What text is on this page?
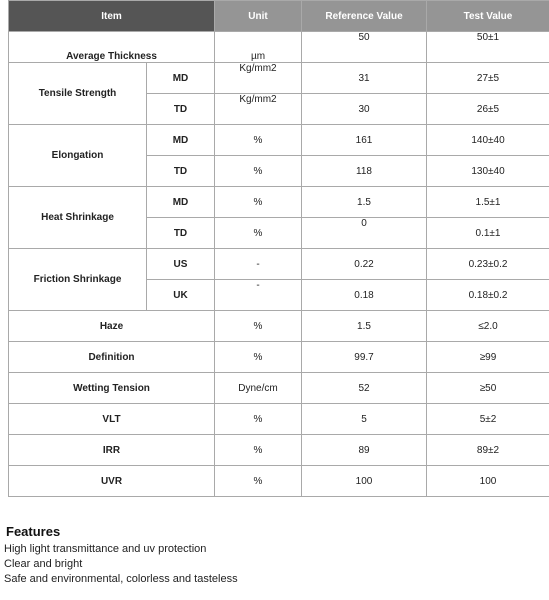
Item		Unit	Reference Value	Test Value
Average Thickness		µm	50	50±1
Tensile Strength	MD	Kg/mm2	31	27±5
	TD	Kg/mm2	30	26±5
Elongation	MD	%	161	140±40
	TD	%	118	130±40
Heat Shrinkage	MD	%	1.5	1.5±1
	TD	%	0	0.1±1
Friction Shrinkage	US	-	0.22	0.23±0.2
	UK	-	0.18	0.18±0.2
Haze		%	1.5	≤2.0
Definition		%	99.7	≥99
Wetting Tension		Dyne/cm	52	≥50
VLT		%	5	5±2
IRR		%	89	89±2
UVR		%	100	100
Features
High light transmittance and uv protection
Clear and bright
Safe and environmental, colorless and tasteless
